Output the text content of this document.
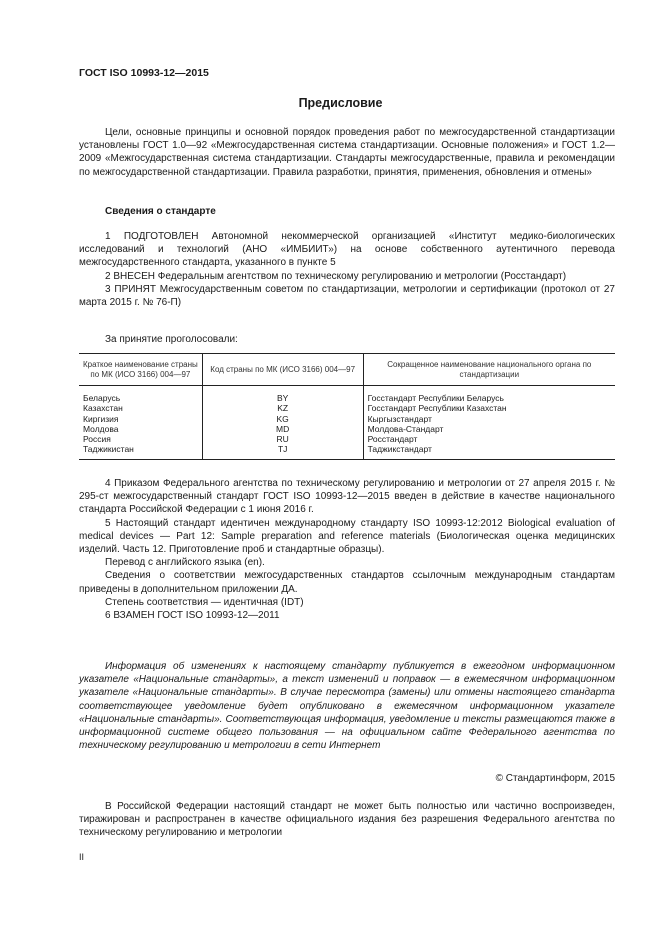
ГОСТ ISO 10993-12—2015
Предисловие

Цели, основные принципы и основной порядок проведения работ по межгосударственной стандартизации установлены ГОСТ 1.0—92 «Межгосударственная система стандартизации. Основные положения» и ГОСТ 1.2—2009 «Межгосударственная система стандартизации. Стандарты межгосударственные, правила и рекомендации по межгосударственной стандартизации. Правила разработки, принятия, применения, обновления и отмены»

Сведения о стандарте

1 ПОДГОТОВЛЕН Автономной некоммерческой организацией «Институт медико-биологических исследований и технологий (АНО «ИМБИИТ») на основе собственного аутентичного перевода межгосударственного стандарта, указанного в пункте 5

2 ВНЕСЕН Федеральным агентством по техническому регулированию и метрологии (Росстандарт)

3 ПРИНЯТ Межгосударственным советом по стандартизации, метрологии и сертификации (протокол от 27 марта 2015 г. № 76-П)

За принятие проголосовали:

Краткое наименование страны по МК (ИСО 3166) 004—97	Код страны по МК (ИСО 3166) 004—97	Сокращенное наименование национального органа по стандартизации
Беларусь	BY	Госстандарт Республики Беларусь
Казахстан	KZ	Госстандарт Республики Казахстан
Киргизия	KG	Кыргызстандарт
Молдова	MD	Молдова-Стандарт
Россия	RU	Росстандарт
Таджикистан	TJ	Таджикстандарт

4 Приказом Федерального агентства по техническому регулированию и метрологии от 27 апреля 2015 г. № 295-ст межгосударственный стандарт ГОСТ ISO 10993-12—2015 введен в действие в качестве национального стандарта Российской Федерации с 1 июня 2016 г.

5 Настоящий стандарт идентичен международному стандарту ISO 10993-12:2012 Biological evaluation of medical devices — Part 12: Sample preparation and reference materials (Биологическая оценка медицинских изделий. Часть 12. Приготовление проб и стандартные образцы).

Перевод с английского языка (en).

Сведения о соответствии межгосударственных стандартов ссылочным международным стандартам приведены в дополнительном приложении ДА.

Степень соответствия — идентичная (IDT)

6 ВЗАМЕН ГОСТ ISO 10993-12—2011

Информация об изменениях к настоящему стандарту публикуется в ежегодном информационном указателе «Национальные стандарты», а текст изменений и поправок — в ежемесячном информационном указателе «Национальные стандарты». В случае пересмотра (замены) или отмены настоящего стандарта соответствующее уведомление будет опубликовано в ежемесячном информационном указателе «Национальные стандарты». Соответствующая информация, уведомление и тексты размещаются также в информационной системе общего пользования — на официальном сайте Федерального агентства по техническому регулированию и метрологии в сети Интернет

© Стандартинформ, 2015

В Российской Федерации настоящий стандарт не может быть полностью или частично воспроизведен, тиражирован и распространен в качестве официального издания без разрешения Федерального агентства по техническому регулированию и метрологии

II
